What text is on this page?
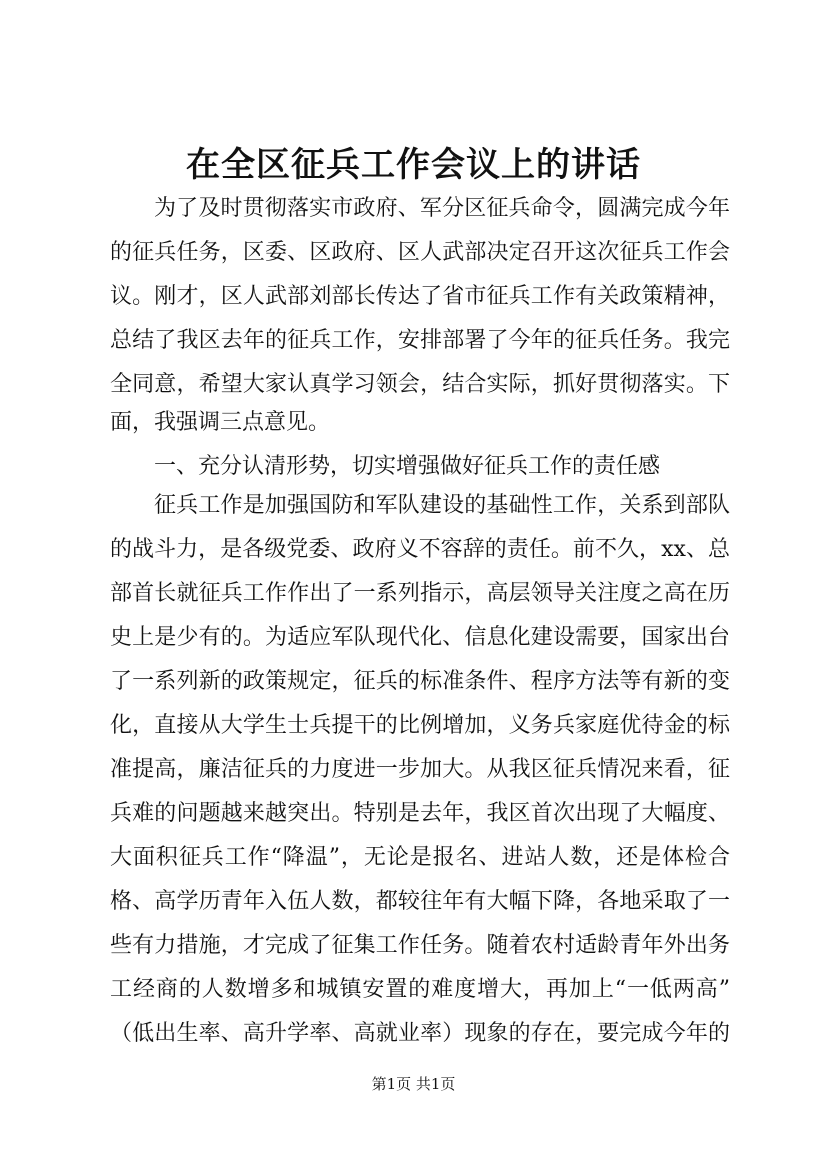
在全区征兵工作会议上的讲话
为了及时贯彻落实市政府、军分区征兵命令，圆满完成今年
的征兵任务，区委、区政府、区人武部决定召开这次征兵工作会
议。刚才，区人武部刘部长传达了省市征兵工作有关政策精神，
总结了我区去年的征兵工作，安排部署了今年的征兵任务。我完
全同意，希望大家认真学习领会，结合实际，抓好贯彻落实。下
面，我强调三点意见。
一、充分认清形势，切实增强做好征兵工作的责任感
征兵工作是加强国防和军队建设的基础性工作，关系到部队
的战斗力，是各级党委、政府义不容辞的责任。前不久，xx、总
部首长就征兵工作作出了一系列指示，高层领导关注度之高在历
史上是少有的。为适应军队现代化、信息化建设需要，国家出台
了一系列新的政策规定，征兵的标准条件、程序方法等有新的变
化，直接从大学生士兵提干的比例增加，义务兵家庭优待金的标
准提高，廉洁征兵的力度进一步加大。从我区征兵情况来看，征
兵难的问题越来越突出。特别是去年，我区首次出现了大幅度、
大面积征兵工作“降温”，无论是报名、进站人数，还是体检合
格、高学历青年入伍人数，都较往年有大幅下降，各地采取了一
些有力措施，才完成了征集工作任务。随着农村适龄青年外出务
工经商的人数增多和城镇安置的难度增大，再加上“一低两高”
（低出生率、高升学率、高就业率）现象的存在，要完成今年的
第1页 共1页
